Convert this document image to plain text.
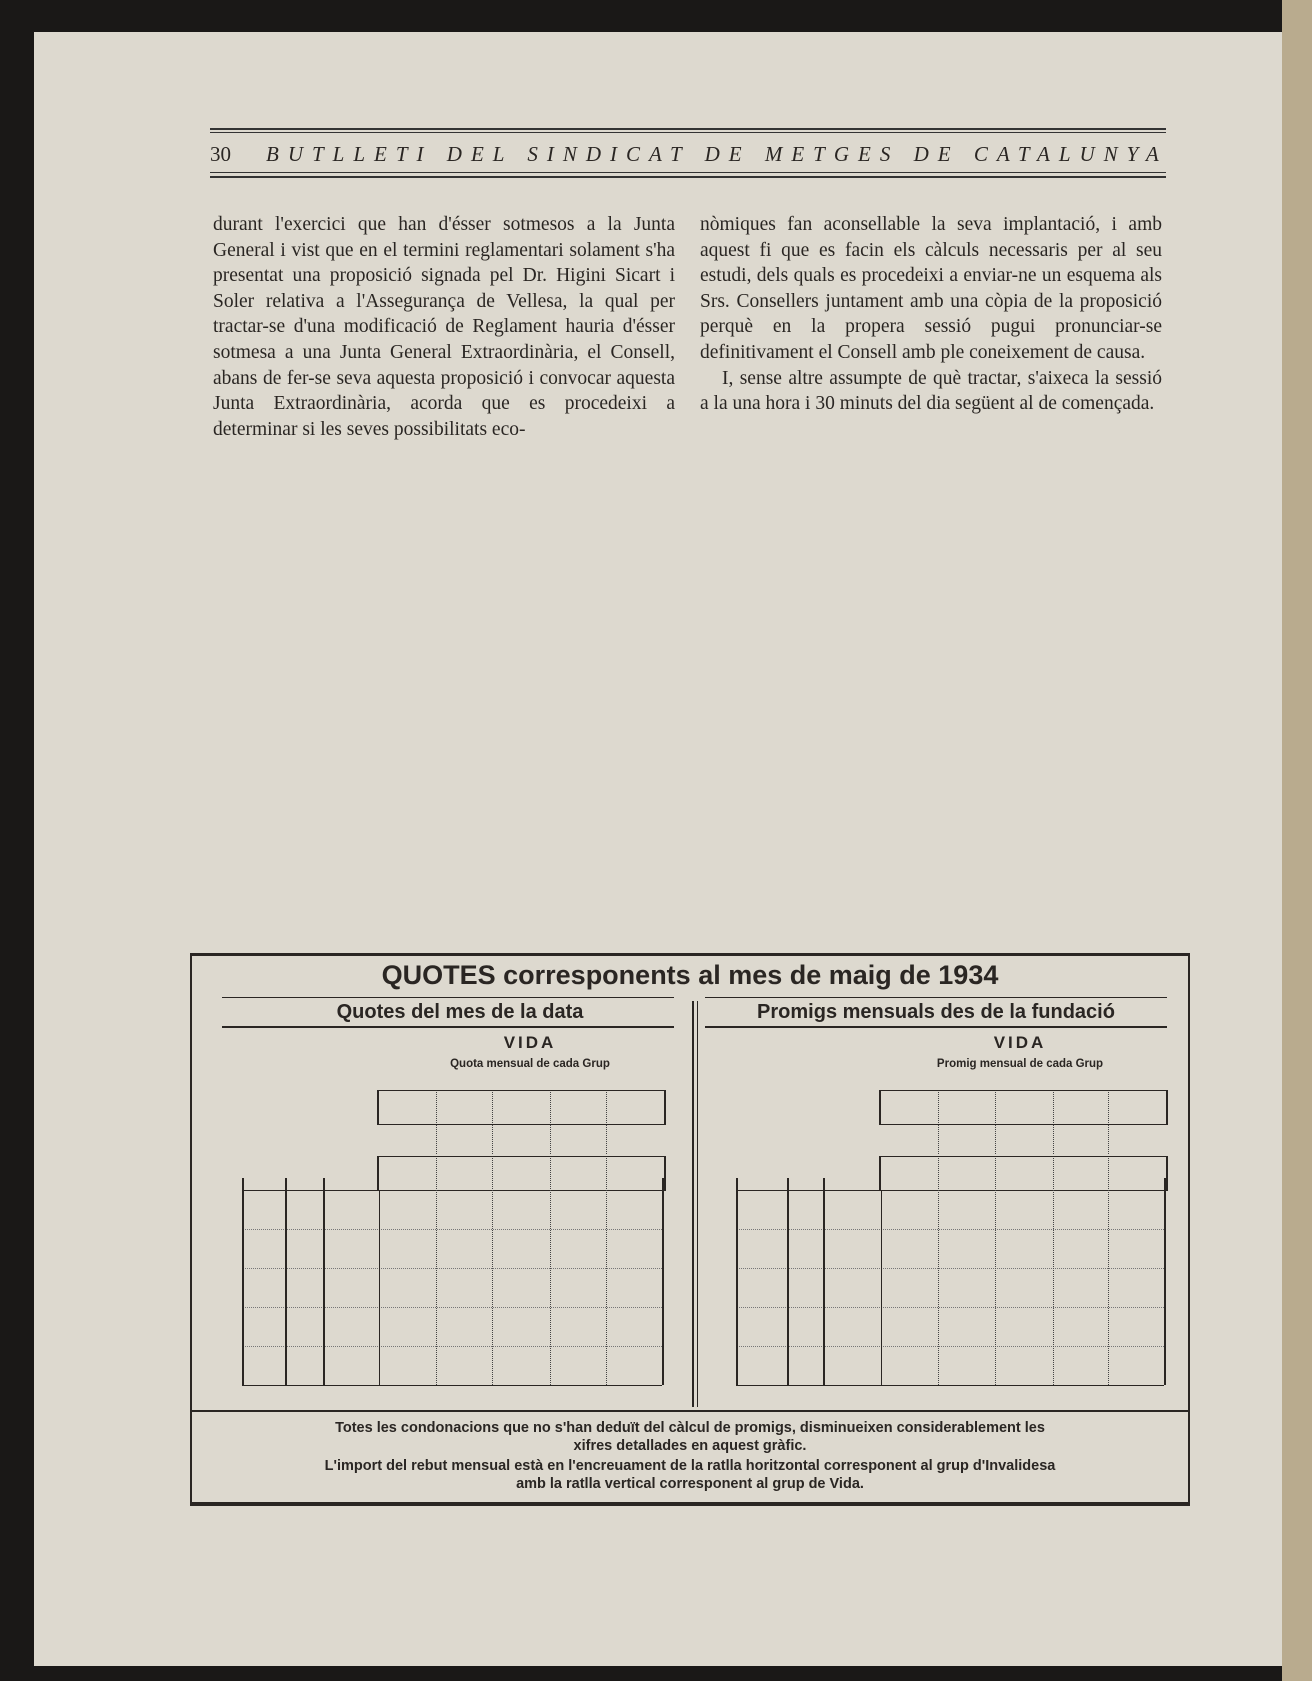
30 BUTLLETI DEL SINDICAT DE METGES DE CATALUNYA

durant l'exercici que han d'ésser sotmesos a la Junta General i vist que en el termini reglamentari solament s'ha presentat una proposició signada pel Dr. Higini Sicart i Soler relativa a l'Assegurança de Vellesa, la qual per tractar-se d'una modificació de Reglament hauria d'ésser sotmesa a una Junta General Extraordinària, el Consell, abans de fer-se seva aquesta proposició i convocar aquesta Junta Extraordinària, acorda que es procedeixi a determinar si les seves possibilitats eco-

nòmiques fan aconsellable la seva implantació, i amb aquest fi que es facin els càlculs necessaris per al seu estudi, dels quals es procedeixi a enviar-ne un esquema als Srs. Consellers juntament amb una còpia de la proposició perquè en la propera sessió pugui pronunciar-se definitivament el Consell amb ple coneixement de causa.

I, sense altre assumpte de què tractar, s'aixeca la sessió a la una hora i 30 minuts del dia següent al de començada.

QUOTES corresponents al mes de maig de 1934
Quotes del mes de la data	Promigs mensuals des de la fundació
VIDA
Quota mensual de cada Grup
VIDA
Promig mensual de cada Grup
Totes les condonacions que no s'han deduït del càlcul de promigs, disminueixen considerablement les
xifres detallades en aquest gràfic.
L'import del rebut mensual està en l'encreuament de la ratlla horitzontal corresponent al grup d'Invalidesa
amb la ratlla vertical corresponent al grup de Vida.
